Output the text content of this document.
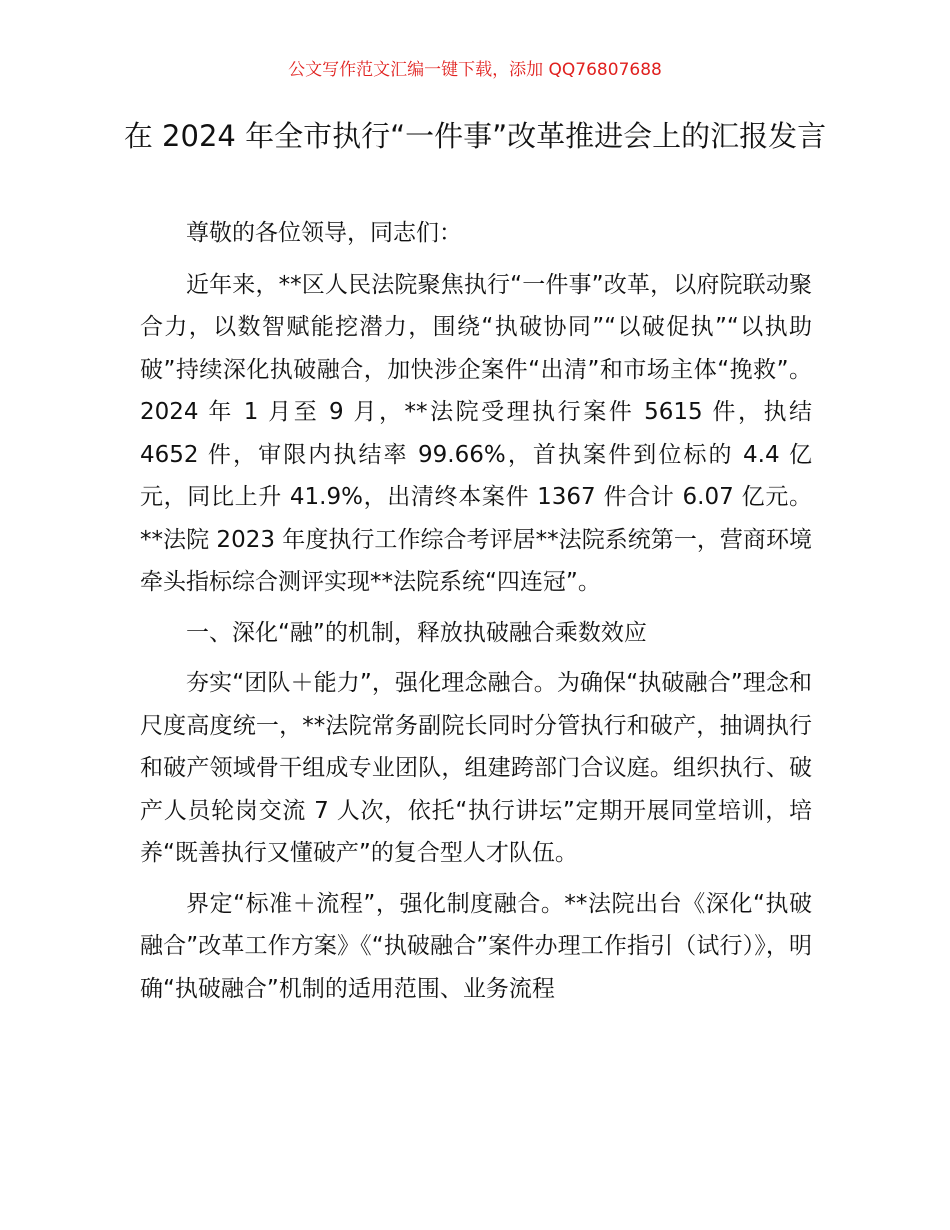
公文写作范文汇编一键下载，添加 QQ76807688
在 2024 年全市执行“一件事”改革推进会上的汇报发言

尊敬的各位领导，同志们：

近年来，**区人民法院聚焦执行“一件事”改革，以府院联动聚合力，以数智赋能挖潜力，围绕“执破协同”“以破促执”“以执助破”持续深化执破融合，加快涉企案件“出清”和市场主体“挽救”。2024 年 1 月至 9 月，**法院受理执行案件 5615 件，执结 4652 件，审限内执结率 99.66%，首执案件到位标的 4.4 亿元，同比上升 41.9%，出清终本案件 1367 件合计 6.07 亿元。**法院 2023 年度执行工作综合考评居**法院系统第一，营商环境牵头指标综合测评实现**法院系统“四连冠”。

一、深化“融”的机制，释放执破融合乘数效应

夯实“团队＋能力”，强化理念融合。为确保“执破融合”理念和尺度高度统一，**法院常务副院长同时分管执行和破产，抽调执行和破产领域骨干组成专业团队，组建跨部门合议庭。组织执行、破产人员轮岗交流 7 人次，依托“执行讲坛”定期开展同堂培训，培养“既善执行又懂破产”的复合型人才队伍。

界定“标准＋流程”，强化制度融合。**法院出台《深化“执破融合”改革工作方案》《“执破融合”案件办理工作指引（试行）》，明确“执破融合”机制的适用范围、业务流程
